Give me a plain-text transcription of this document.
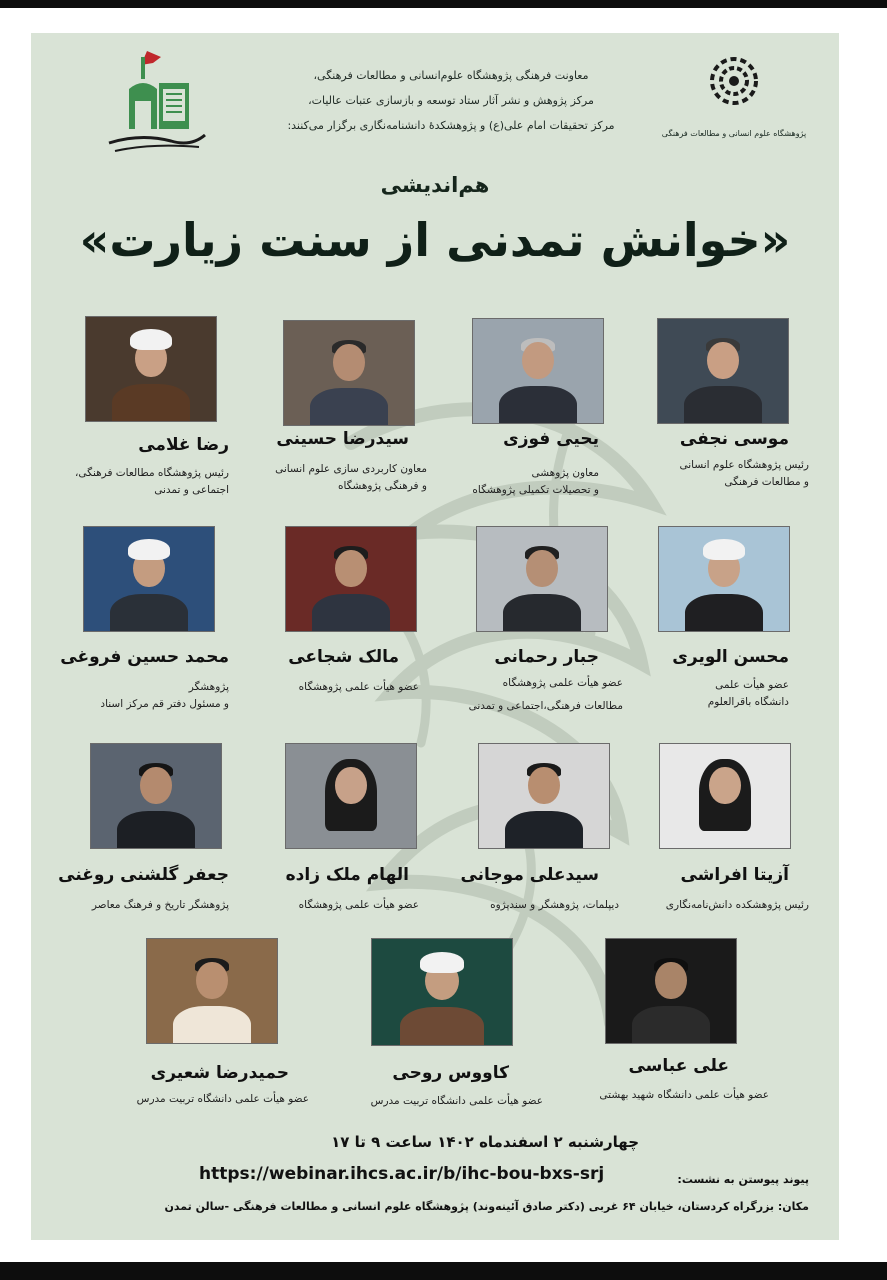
پژوهشگاه علوم انسانی و مطالعات فرهنگی
معاونت فرهنگی پژوهشگاه علوم‌انسانی و مطالعات فرهنگی،
مرکز پژوهش و نشر آثار ستاد توسعه و بازسازی عتبات عالیات،
مرکز تحقیقات امام علی(ع) و پژوهشکدهٔ دانشنامه‌نگاری برگزار می‌کنند:
هم‌اندیشی
«خوانش تمدنی از سنت زیارت»
موسی نجفی
رئیس پژوهشگاه علوم انسانی
و مطالعات فرهنگی
یحیی فوزی
معاون پژوهشی
و تحصیلات تکمیلی پژوهشگاه
سیدرضا حسینی
معاون کاربردی سازی علوم انسانی
و فرهنگی پژوهشگاه
رضا غلامی
رئیس پژوهشگاه مطالعات فرهنگی،
اجتماعی و تمدنی
محسن الویری
عضو هیأت علمی
دانشگاه باقرالعلوم
جبار رحمانی
عضو هیأت علمی پژوهشگاه
مطالعات فرهنگی،اجتماعی و تمدنی
مالک شجاعی
عضو هیأت علمی پژوهشگاه
محمد حسین فروغی
پژوهشگر
و مسئول دفتر قم مرکز اسناد
آزیتا افراشی
رئیس پژوهشکده دانش‌نامه‌نگاری
سیدعلی موجانی
دیپلمات، پژوهشگر و سندپژوه
الهام ملک زاده
عضو هیأت علمی پژوهشگاه
جعفر گلشنی روغنی
پژوهشگر تاریخ و فرهنگ معاصر
علی عباسی
عضو هیأت علمی دانشگاه شهید بهشتی
کاووس روحی
عضو هیأت علمی دانشگاه تربیت مدرس
حمیدرضا شعیری
عضو هیأت علمی دانشگاه تربیت مدرس
چهارشنبه ۲ اسفندماه ۱۴۰۲ ساعت ۹ تا ۱۷
پیوند پیوستن به نشست:
https://webinar.ihcs.ac.ir/b/ihc-bou-bxs-srj
مکان: بزرگراه کردستان، خیابان ۶۴ غربی (دکتر صادق آئینه‌وند) پژوهشگاه علوم انسانی و مطالعات فرهنگی -سالن تمدن
